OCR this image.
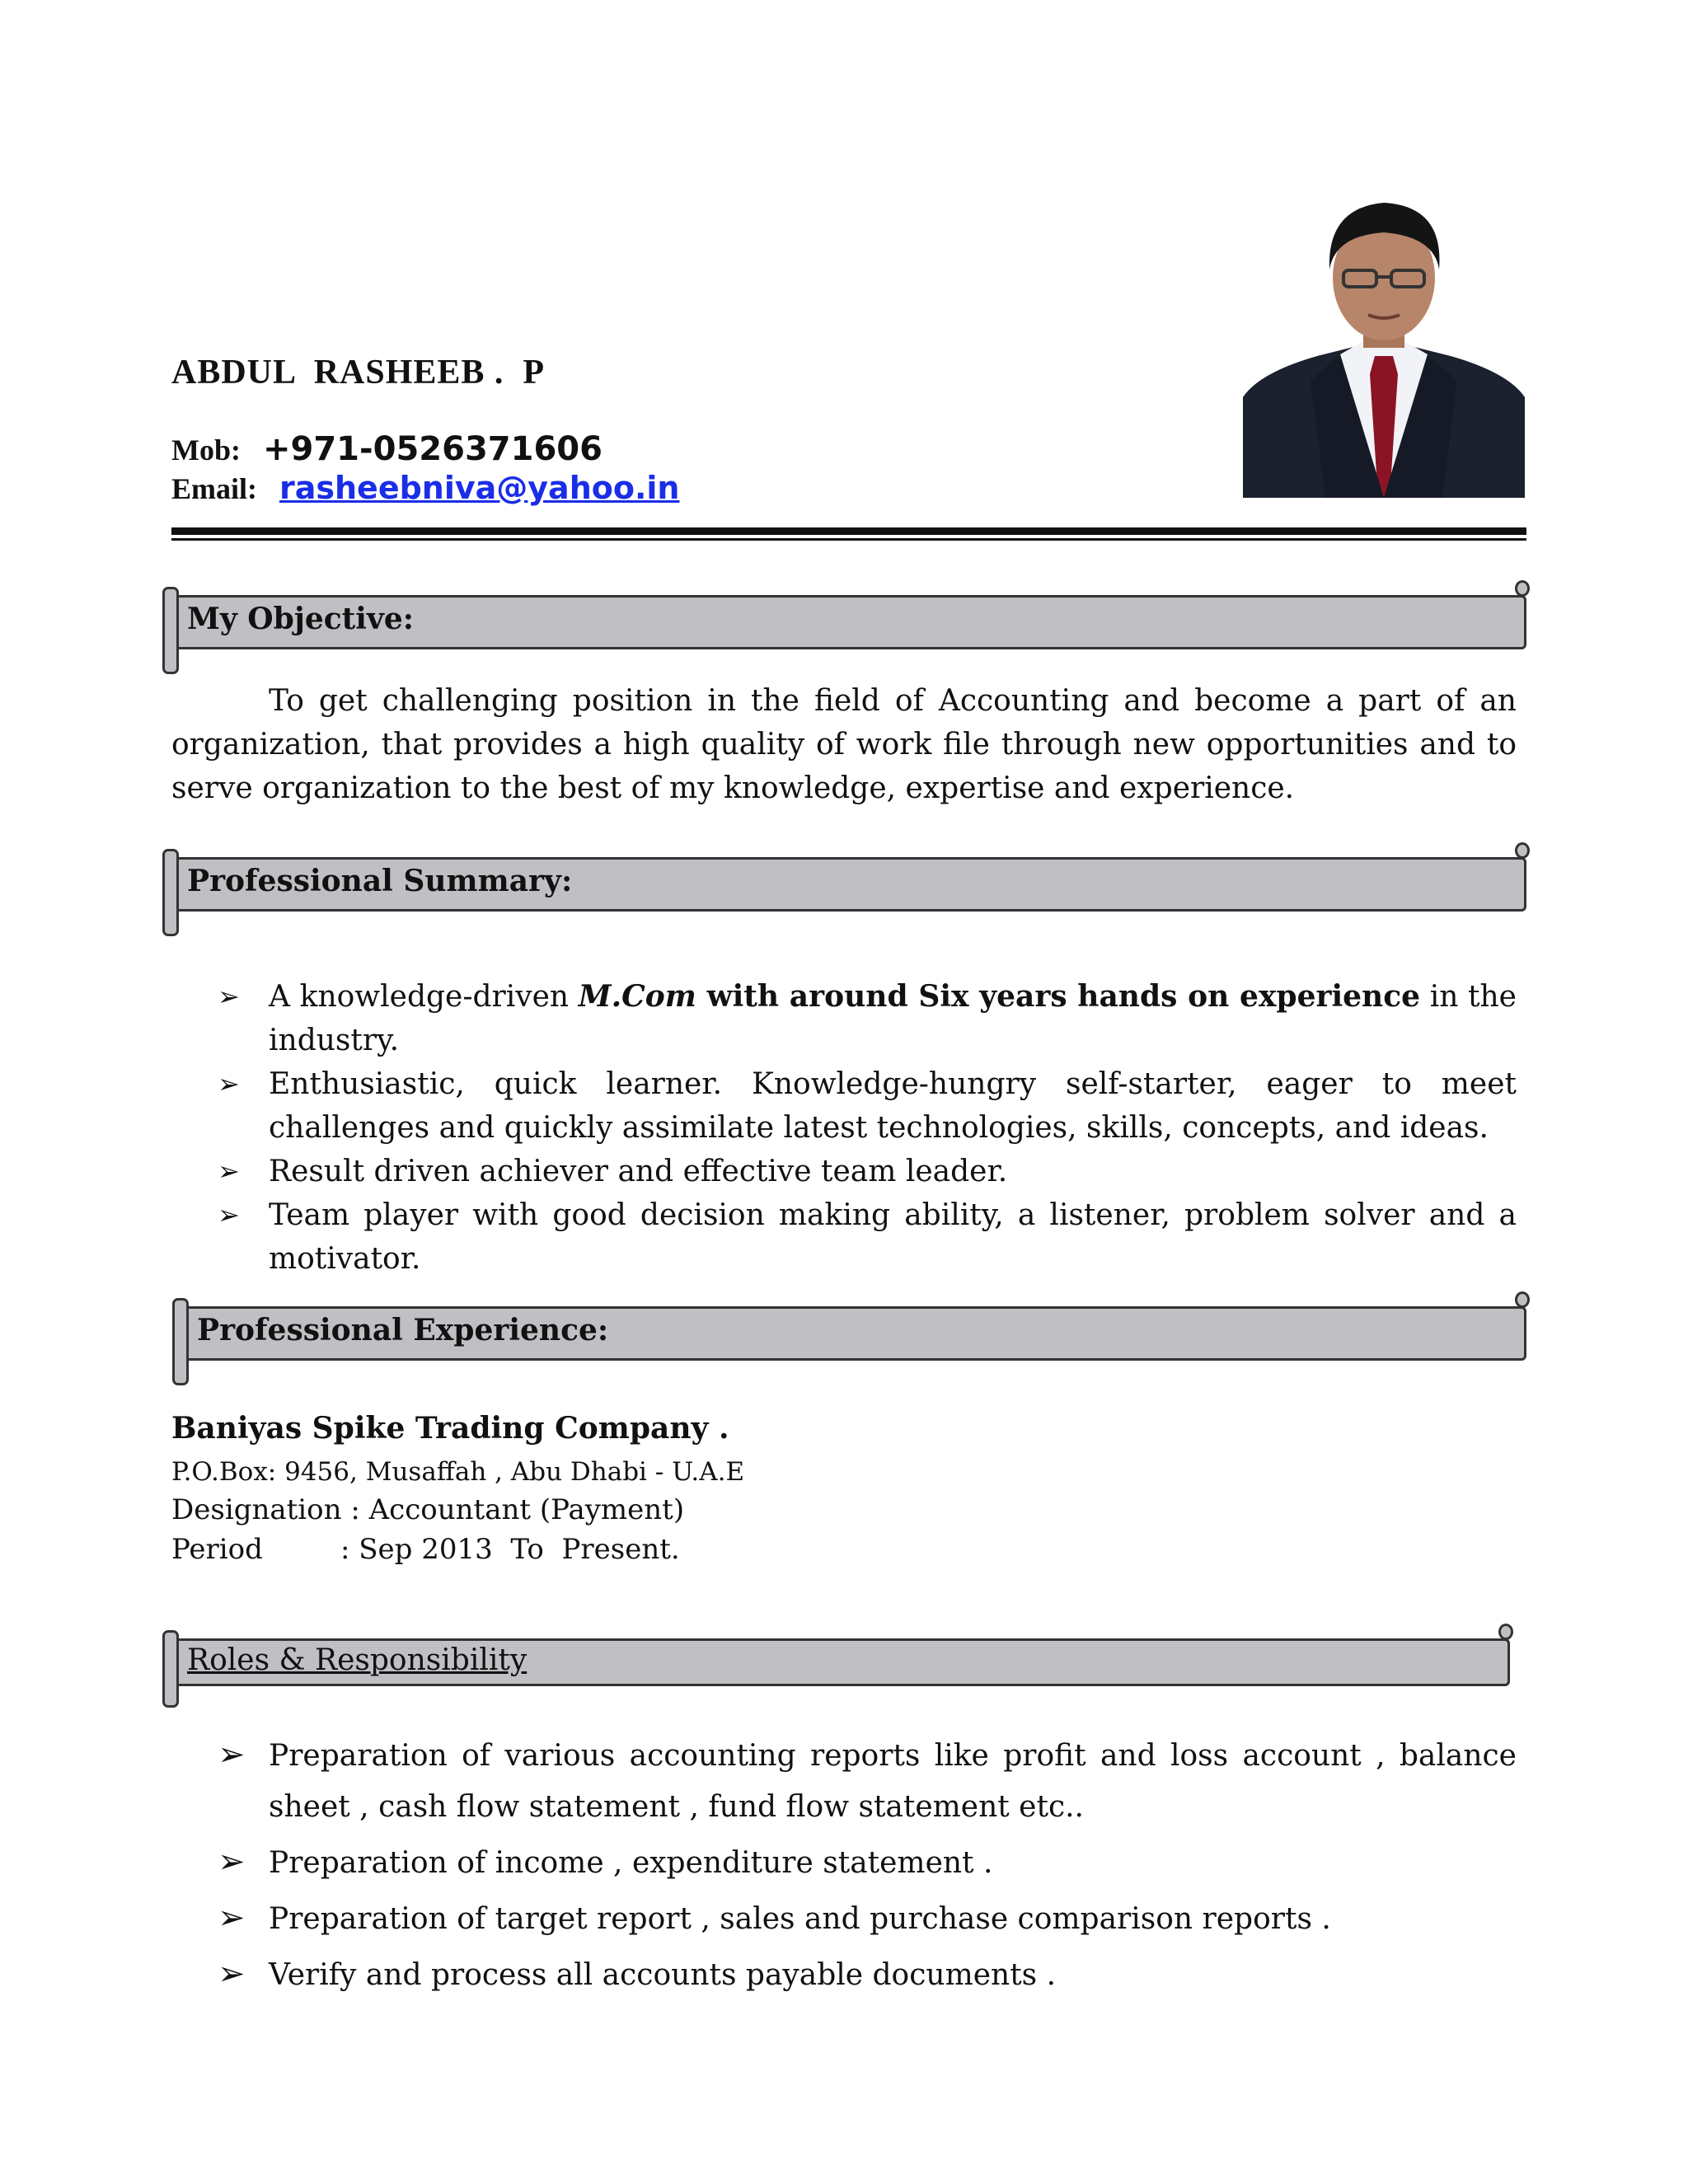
ABDUL  RASHEEB .  P
Mob: +971-0526371606
Email: rasheebniva@yahoo.in
My Objective:
To get challenging position in the field of Accounting and become a part of an organization, that provides a high quality of work file through new opportunities and to serve organization to the best of my knowledge, expertise and experience.
Professional Summary:
➢ A knowledge-driven M.Com with around Six years hands on experience in the industry.
➢ Enthusiastic, quick learner. Knowledge-hungry self-starter, eager to meet challenges and quickly assimilate latest technologies, skills, concepts, and ideas.
➢ Result driven achiever and effective team leader.
➢ Team player with good decision making ability, a listener, problem solver and a motivator.
Professional Experience:
Baniyas Spike Trading Company .
P.O.Box: 9456, Musaffah , Abu Dhabi - U.A.E
Designation : Accountant (Payment)
Period	: Sep 2013  To  Present.
Roles & Responsibility
➢ Preparation of various accounting reports like profit and loss account , balance sheet , cash flow statement , fund flow statement etc..
➢ Preparation of income , expenditure statement .
➢ Preparation of target report , sales and purchase comparison reports .
➢ Verify and process all accounts payable documents .
